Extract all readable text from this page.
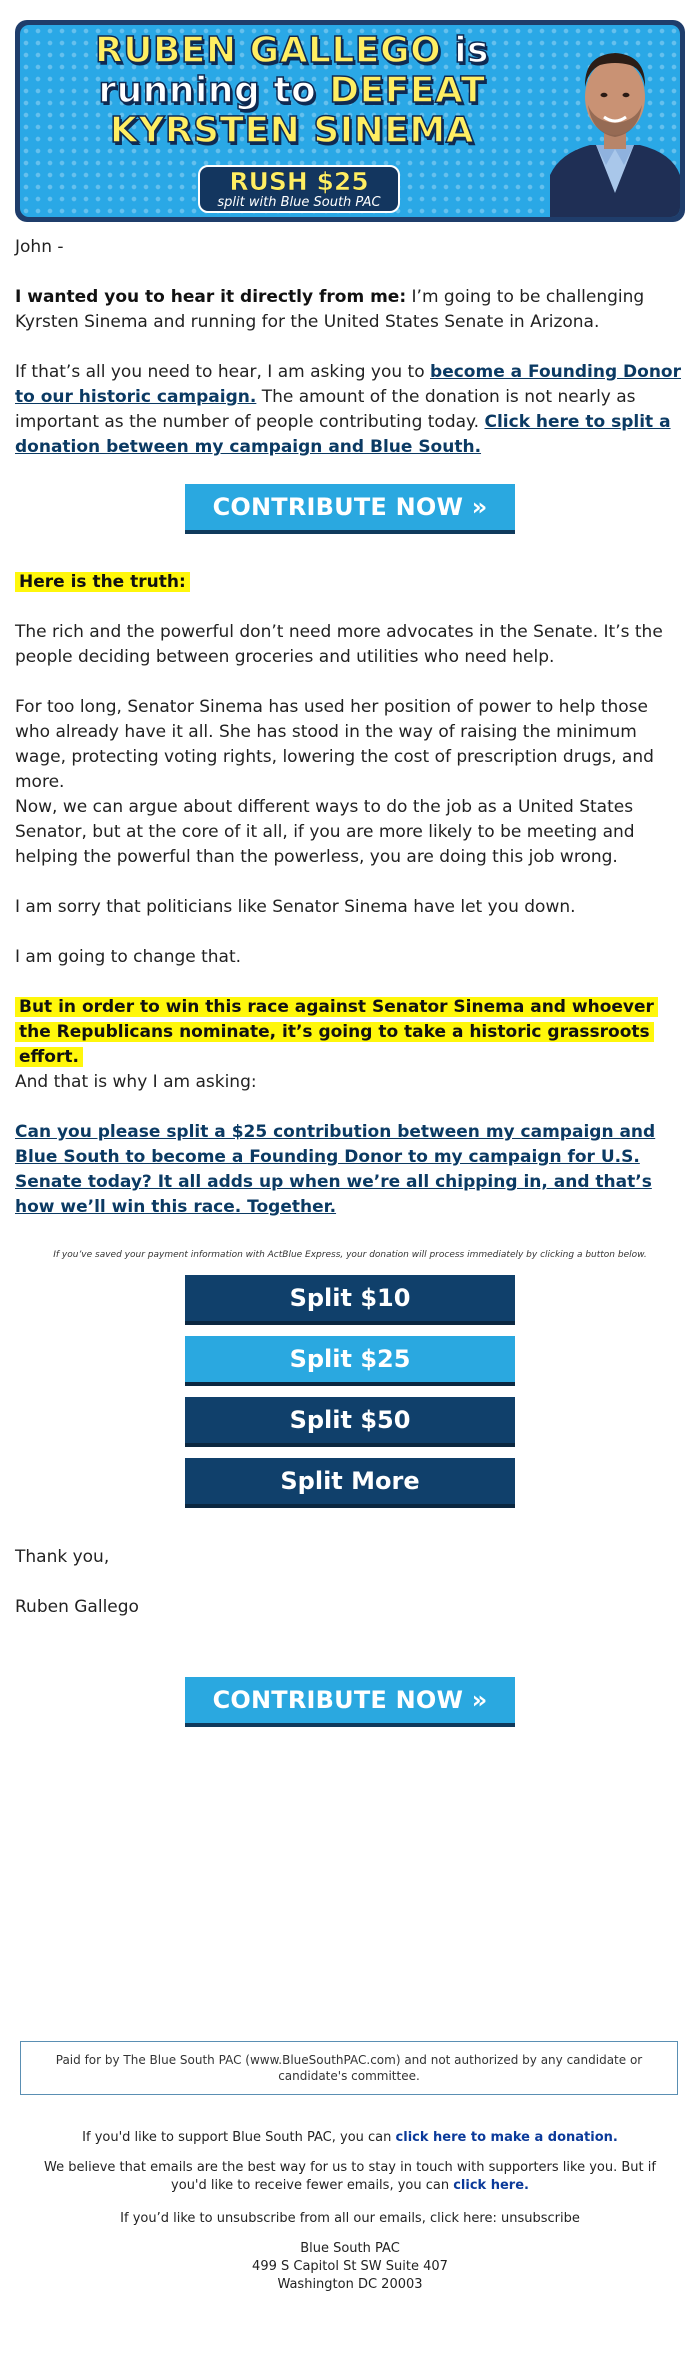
RUBEN GALLEGO is
running to DEFEAT
KYRSTEN SINEMA
RUSH $25
split with Blue South PAC
John -
I wanted you to hear it directly from me: I’m going to be challenging Kyrsten Sinema and running for the United States Senate in Arizona.
If that’s all you need to hear, I am asking you to become a Founding Donor to our historic campaign. The amount of the donation is not nearly as important as the number of people contributing today. Click here to split a donation between my campaign and Blue South.
CONTRIBUTE NOW »
Here is the truth:
The rich and the powerful don’t need more advocates in the Senate. It’s the people deciding between groceries and utilities who need help.
For too long, Senator Sinema has used her position of power to help those who already have it all. She has stood in the way of raising the minimum wage, protecting voting rights, lowering the cost of prescription drugs, and more.
Now, we can argue about different ways to do the job as a United States Senator, but at the core of it all, if you are more likely to be meeting and helping the powerful than the powerless, you are doing this job wrong.
I am sorry that politicians like Senator Sinema have let you down.
I am going to change that.
But in order to win this race against Senator Sinema and whoever the Republicans nominate, it’s going to take a historic grassroots effort.
And that is why I am asking:
Can you please split a $25 contribution between my campaign and Blue South to become a Founding Donor to my campaign for U.S. Senate today? It all adds up when we’re all chipping in, and that’s how we’ll win this race. Together.
If you’ve saved your payment information with ActBlue Express, your donation will process immediately by clicking a button below.
Split $10
Split $25
Split $50
Split More
Thank you,
Ruben Gallego
CONTRIBUTE NOW »
Paid for by The Blue South PAC (www.BlueSouthPAC.com) and not authorized by any candidate or candidate's committee.
If you'd like to support Blue South PAC, you can click here to make a donation.
We believe that emails are the best way for us to stay in touch with supporters like you. But if you'd like to receive fewer emails, you can click here.
If you’d like to unsubscribe from all our emails, click here: unsubscribe
Blue South PAC
499 S Capitol St SW Suite 407
Washington DC 20003
